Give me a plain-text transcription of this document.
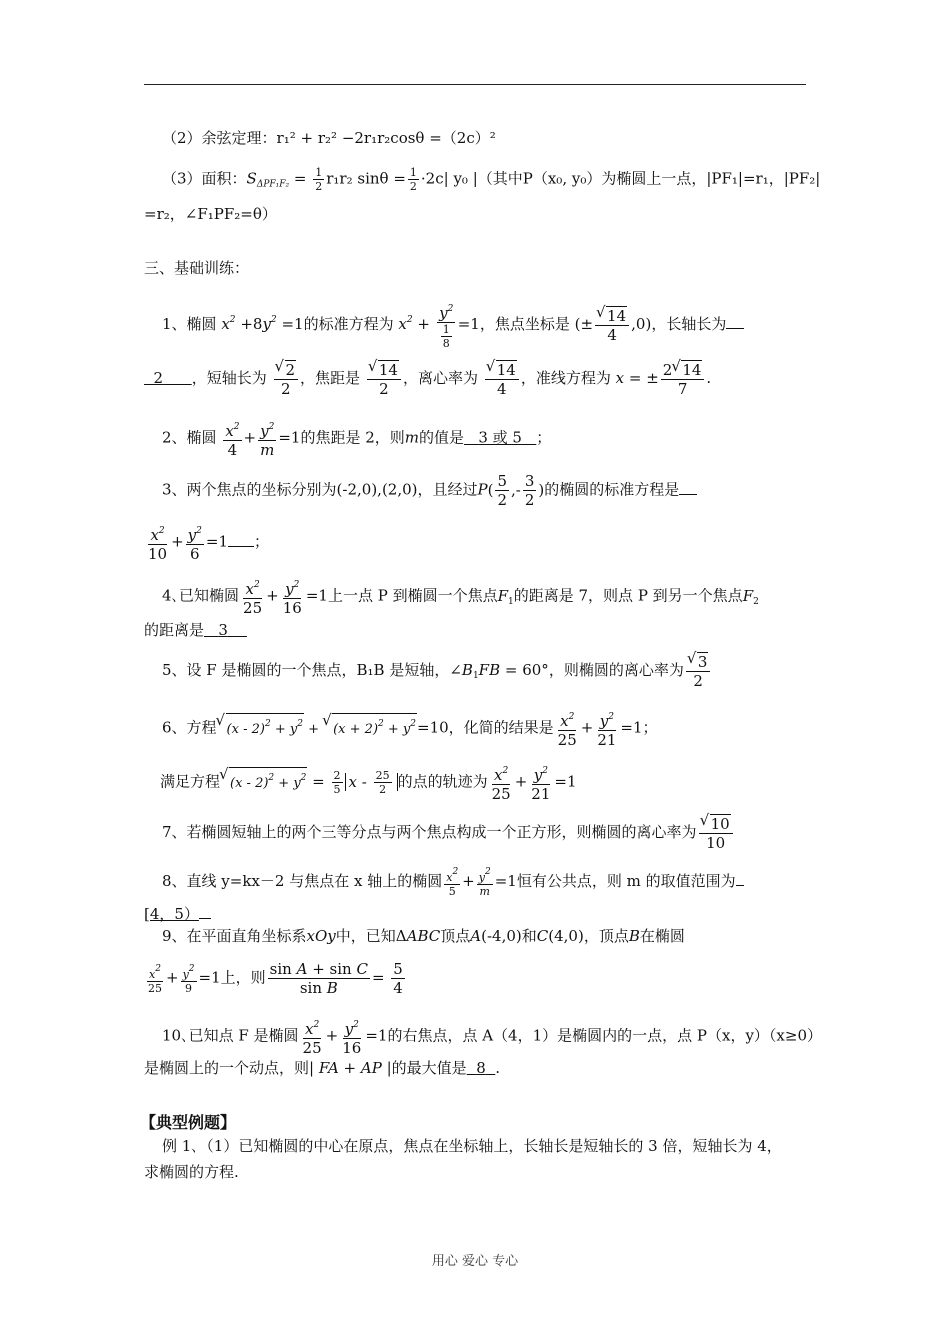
（2）余弦定理：r₁² + r₂² −2r₁r₂cosθ =（2c）²
（3）面积：$S_{\Delta PF_1F_2} = \frac{1}{2} r_1r_2$ $\sin\theta = \frac{1}{2} \cdot 2c|$ y₀ |（其中P（x₀, y₀）为椭圆上一点，|PF₁|=r₁，|PF₂|
=r₂，∠F₁PF₂=θ）
三、基础训练：
1、椭圆 $x^2 +8y^2 =1$的标准方程为 $x^2 + \frac{y^2}{\frac{1}{8}} =1$，焦点坐标是 (± √ $\frac{14}{4} ,0$)，长轴长为
2 ，短轴长为 √ $\frac{2}{2}$ ，焦距是 √ $\frac{14}{2}$ ，离心率为 √ $\frac{14}{4}$ ，准线方程为 x = ± $\frac{2 √ 14}{7}$ .
2、椭圆 $\frac{x^2}{4} + \frac{y^2}{m} =1$的焦距是 2，则m的值是 3 或 5 ；
3、两个焦点的坐标分别为(-2,0),(2,0)，且经过$P( \frac{5}{2}$ ,- $\frac{3}{2}$ )的椭圆的标准方程是
$\frac{x^2}{10} + \frac{y^2}{6} =1$ ；
4､已知椭圆 $\frac{x^2}{25} + \frac{y^2}{16} =1$上一点 P 到椭圆一个焦点$F_1$的距离是 7，则点 P 到另一个焦点$F_2$
的距离是 3
5、设 F 是椭圆的一个焦点，B₁B 是短轴，$\angle B_1FB = 60^\circ$，则椭圆的离心率为 √ $\frac{3}{2}$
6、方程 √ $(x - 2)^2 + y^2$ + √ $(x + 2)^2 + y^2=10$，化简的结果是 $\frac{x^2}{25} + \frac{y^2}{21} =1$；
满足方程 √ $(x - 2)^2 + y^2 = \frac{2}{5}$ x - $\frac{25}{2}$ 的点的轨迹为 $\frac{x^2}{25} + \frac{y^2}{21} =1$
7、若椭圆短轴上的两个三等分点与两个焦点构成一个正方形，则椭圆的离心率为 √ $\frac{10}{10}$
8、直线 y=kx－2 与焦点在 x 轴上的椭圆 $\frac{x^2}{5} + \frac{y^2}{m} =1$恒有公共点，则 m 的取值范围为
[4，5）
9、在平面直角坐标系xOy中，已知ΔABC顶点A(-4,0)和C(4,0)，顶点B在椭圆
$\frac{x^2}{25} + \frac{y^2}{9} =1$上，则 $\frac{\text{sin A + sin C}}{\text{sin B}} = \frac{5}{4}$
10､已知点 F 是椭圆 $\frac{x^2}{25} + \frac{y^2}{16} =1$的右焦点，点 A（4，1）是椭圆内的一点，点 P（x，y）（x≥0）
是椭圆上的一个动点，则| FA + AP |的最大值是 8 .
【典型例题】
例 1､（1）已知椭圆的中心在原点，焦点在坐标轴上，长轴长是短轴长的 3 倍，短轴长为 4，
求椭圆的方程.
用心 爱心 专心
